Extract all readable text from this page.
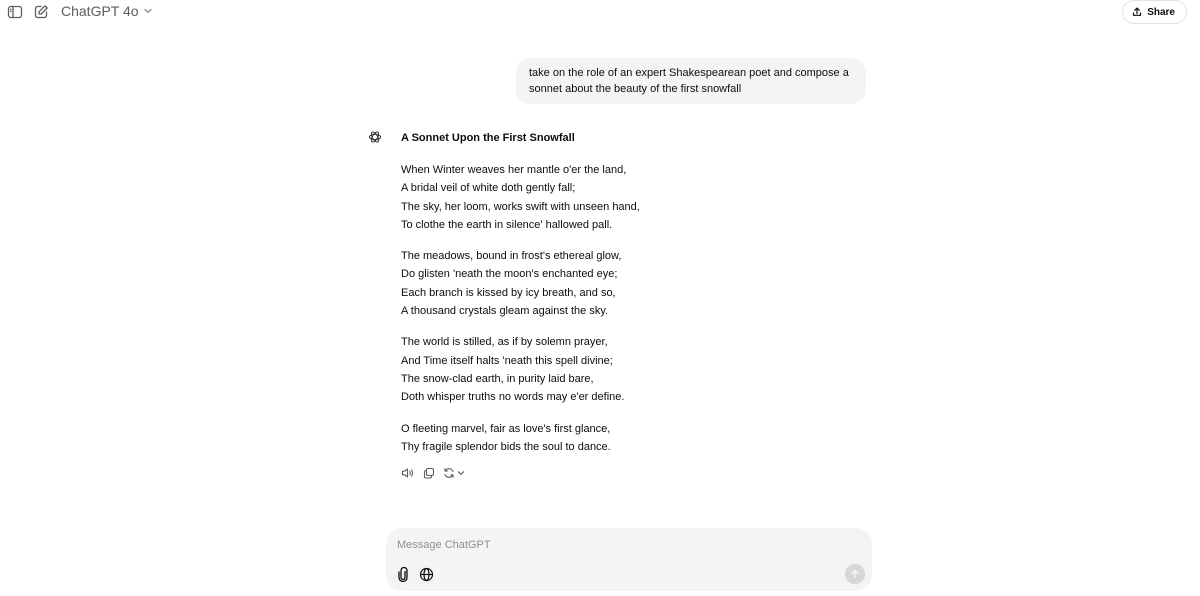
ChatGPT 4o	Share
take on the role of an expert Shakespearean poet and compose a sonnet about the beauty of the first snowfall
A Sonnet Upon the First Snowfall
When Winter weaves her mantle o'er the land,
A bridal veil of white doth gently fall;
The sky, her loom, works swift with unseen hand,
To clothe the earth in silence' hallowed pall.
The meadows, bound in frost's ethereal glow,
Do glisten 'neath the moon's enchanted eye;
Each branch is kissed by icy breath, and so,
A thousand crystals gleam against the sky.
The world is stilled, as if by solemn prayer,
And Time itself halts 'neath this spell divine;
The snow-clad earth, in purity laid bare,
Doth whisper truths no words may e'er define.
O fleeting marvel, fair as love's first glance,
Thy fragile splendor bids the soul to dance.
Message ChatGPT
